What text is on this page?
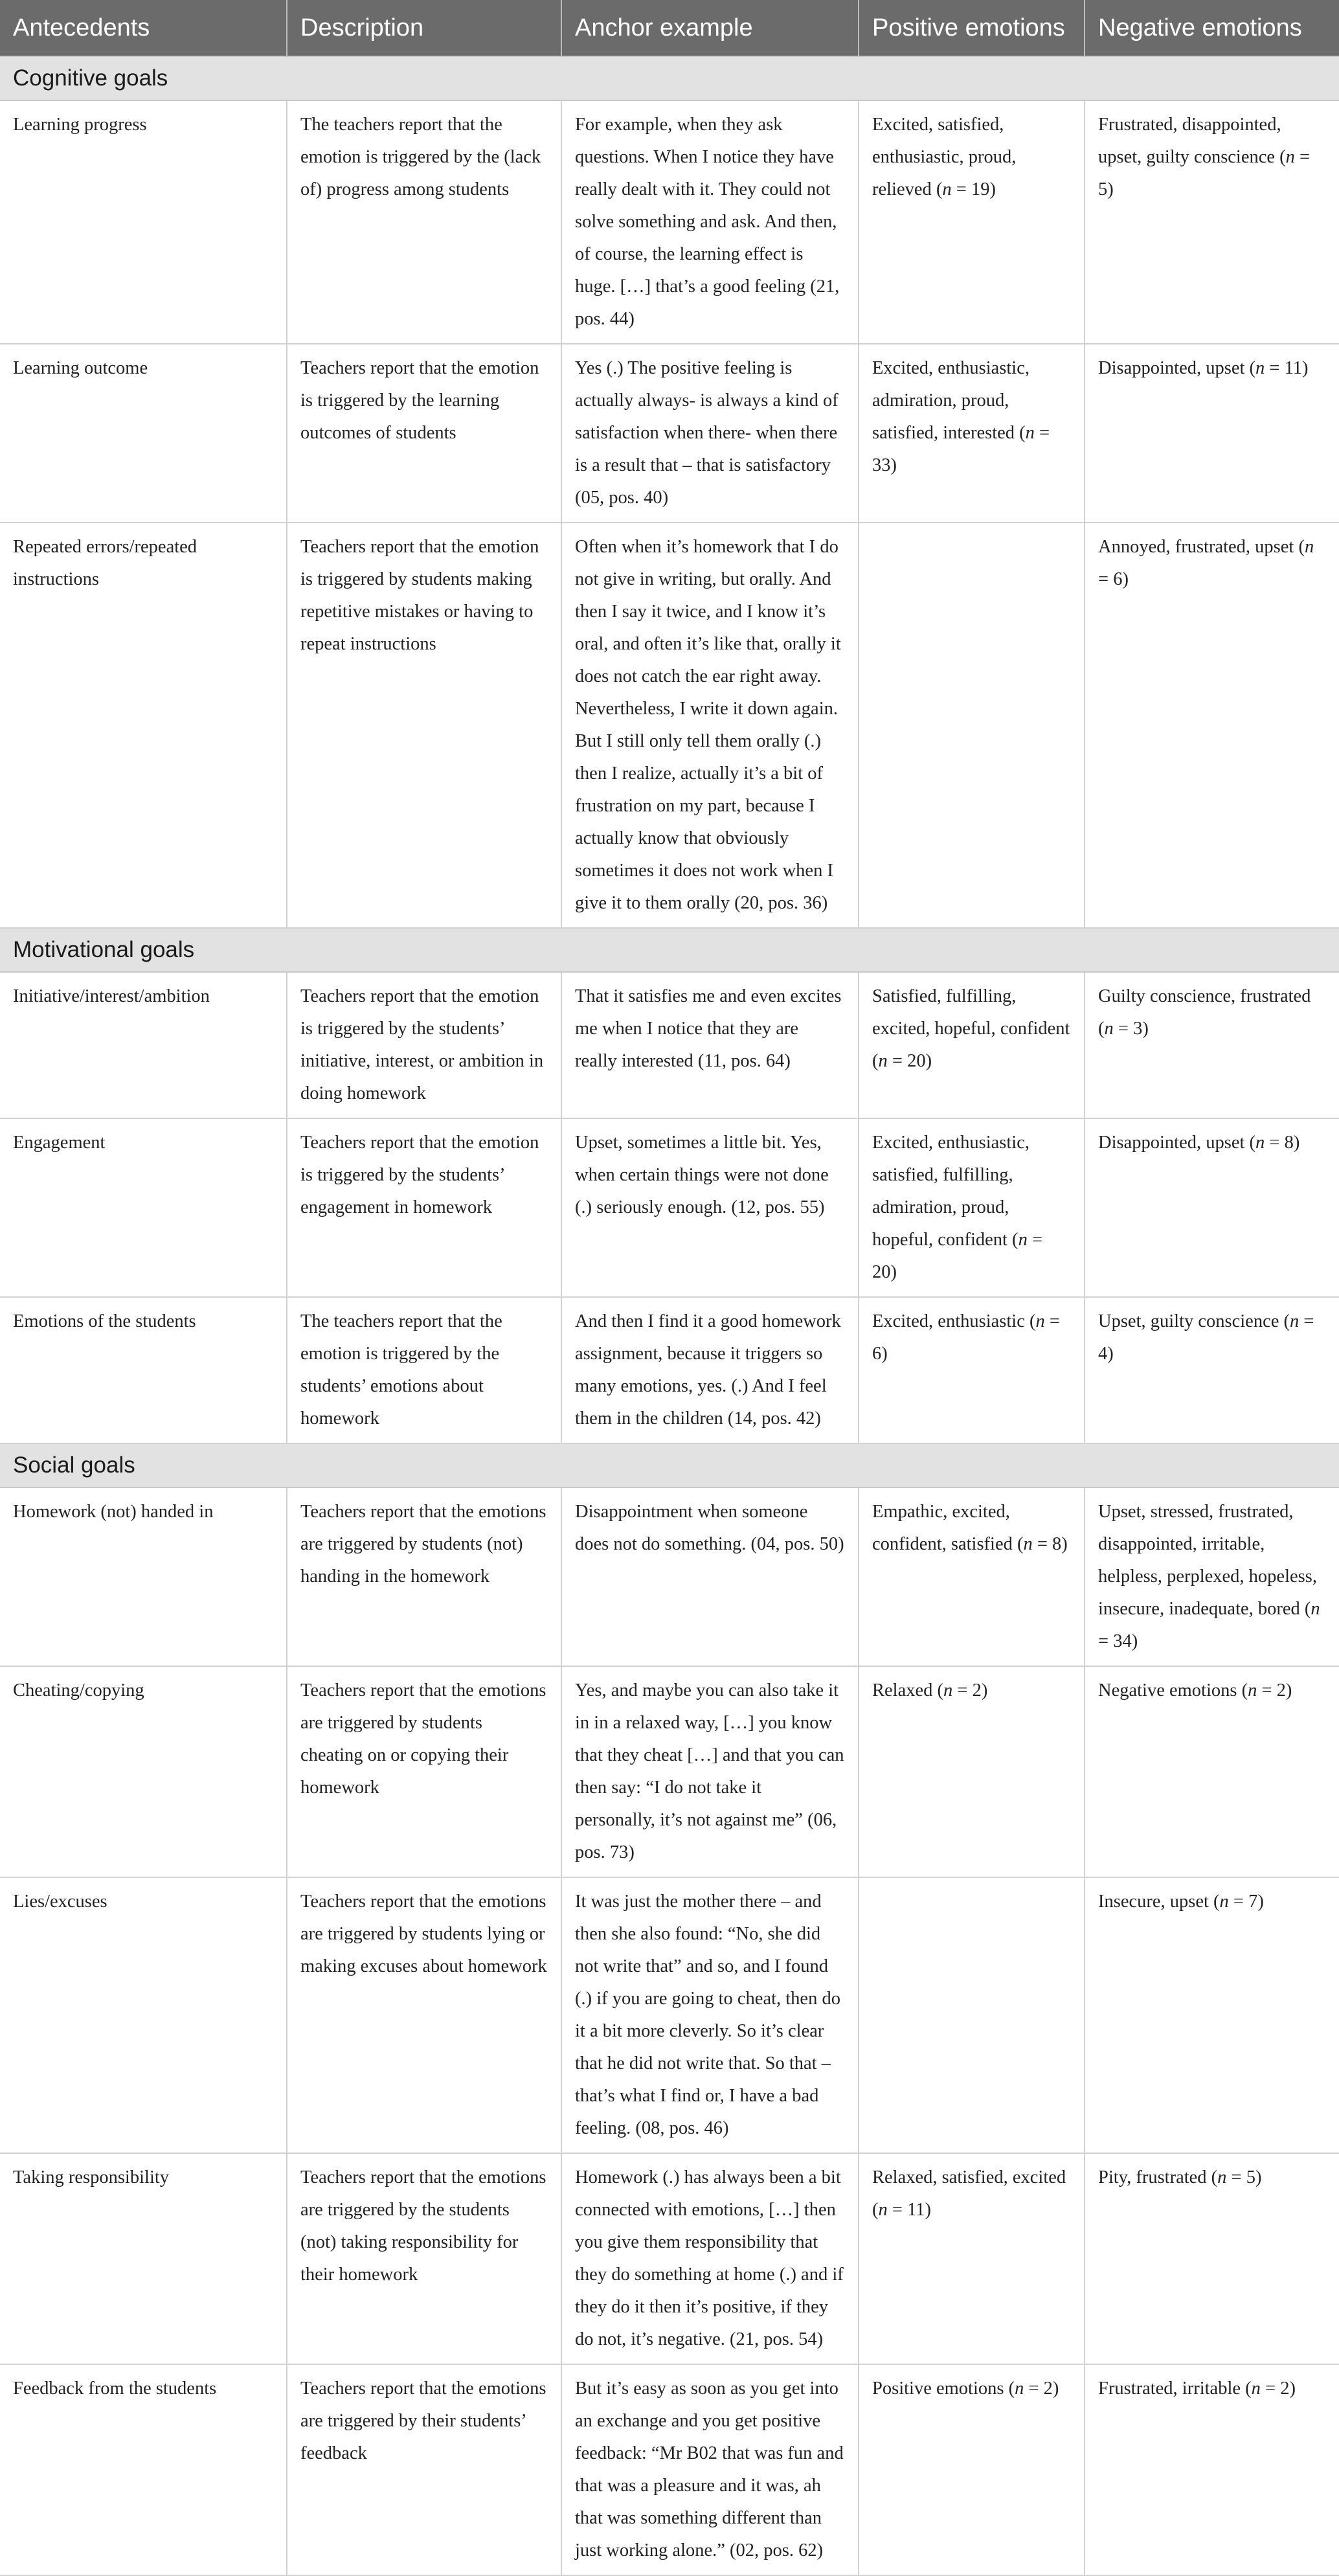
Antecedents	Description	Anchor example	Positive emotions	Negative emotions
Cognitive goals				
Learning progress	The teachers report that the emotion is triggered by the (lack of) progress among students	For example, when they ask questions. When I notice they have really dealt with it. They could not solve something and ask. And then, of course, the learning effect is huge. […] that’s a good feeling (21, pos. 44)	Excited, satisfied, enthusiastic, proud, relieved (n = 19)	Frustrated, disappointed, upset, guilty conscience (n = 5)
Learning outcome	Teachers report that the emotion is triggered by the learning outcomes of students	Yes (.) The positive feeling is actually always- is always a kind of satisfaction when there- when there is a result that – that is satisfactory (05, pos. 40)	Excited, enthusiastic, admiration, proud, satisfied, interested (n = 33)	Disappointed, upset (n = 11)
Repeated errors/repeated instructions	Teachers report that the emotion is triggered by students making repetitive mistakes or having to repeat instructions	Often when it’s homework that I do not give in writing, but orally. And then I say it twice, and I know it’s oral, and often it’s like that, orally it does not catch the ear right away. Nevertheless, I write it down again. But I still only tell them orally (.) then I realize, actually it’s a bit of frustration on my part, because I actually know that obviously sometimes it does not work when I give it to them orally (20, pos. 36)		Annoyed, frustrated, upset (n = 6)
Motivational goals				
Initiative/interest/ambition	Teachers report that the emotion is triggered by the students’ initiative, interest, or ambition in doing homework	That it satisfies me and even excites me when I notice that they are really interested (11, pos. 64)	Satisfied, fulfilling, excited, hopeful, confident (n = 20)	Guilty conscience, frustrated (n = 3)
Engagement	Teachers report that the emotion is triggered by the students’ engagement in homework	Upset, sometimes a little bit. Yes, when certain things were not done (.) seriously enough. (12, pos. 55)	Excited, enthusiastic, satisfied, fulfilling, admiration, proud, hopeful, confident (n = 20)	Disappointed, upset (n = 8)
Emotions of the students	The teachers report that the emotion is triggered by the students’ emotions about homework	And then I find it a good homework assignment, because it triggers so many emotions, yes. (.) And I feel them in the children (14, pos. 42)	Excited, enthusiastic (n = 6)	Upset, guilty conscience (n = 4)
Social goals				
Homework (not) handed in	Teachers report that the emotions are triggered by students (not) handing in the homework	Disappointment when someone does not do something. (04, pos. 50)	Empathic, excited, confident, satisfied (n = 8)	Upset, stressed, frustrated, disappointed, irritable, helpless, perplexed, hopeless, insecure, inadequate, bored (n = 34)
Cheating/copying	Teachers report that the emotions are triggered by students cheating on or copying their homework	Yes, and maybe you can also take it in in a relaxed way, […] you know that they cheat […] and that you can then say: “I do not take it personally, it’s not against me” (06, pos. 73)	Relaxed (n = 2)	Negative emotions (n = 2)
Lies/excuses	Teachers report that the emotions are triggered by students lying or making excuses about homework	It was just the mother there – and then she also found: “No, she did not write that” and so, and I found (.) if you are going to cheat, then do it a bit more cleverly. So it’s clear that he did not write that. So that – that’s what I find or, I have a bad feeling. (08, pos. 46)		Insecure, upset (n = 7)
Taking responsibility	Teachers report that the emotions are triggered by the students (not) taking responsibility for their homework	Homework (.) has always been a bit connected with emotions, […] then you give them responsibility that they do something at home (.) and if they do it then it’s positive, if they do not, it’s negative. (21, pos. 54)	Relaxed, satisfied, excited (n = 11)	Pity, frustrated (n = 5)
Feedback from the students	Teachers report that the emotions are triggered by their students’ feedback	But it’s easy as soon as you get into an exchange and you get positive feedback: “Mr B02 that was fun and that was a pleasure and it was, ah that was something different than just working alone.” (02, pos. 62)	Positive emotions (n = 2)	Frustrated, irritable (n = 2)
